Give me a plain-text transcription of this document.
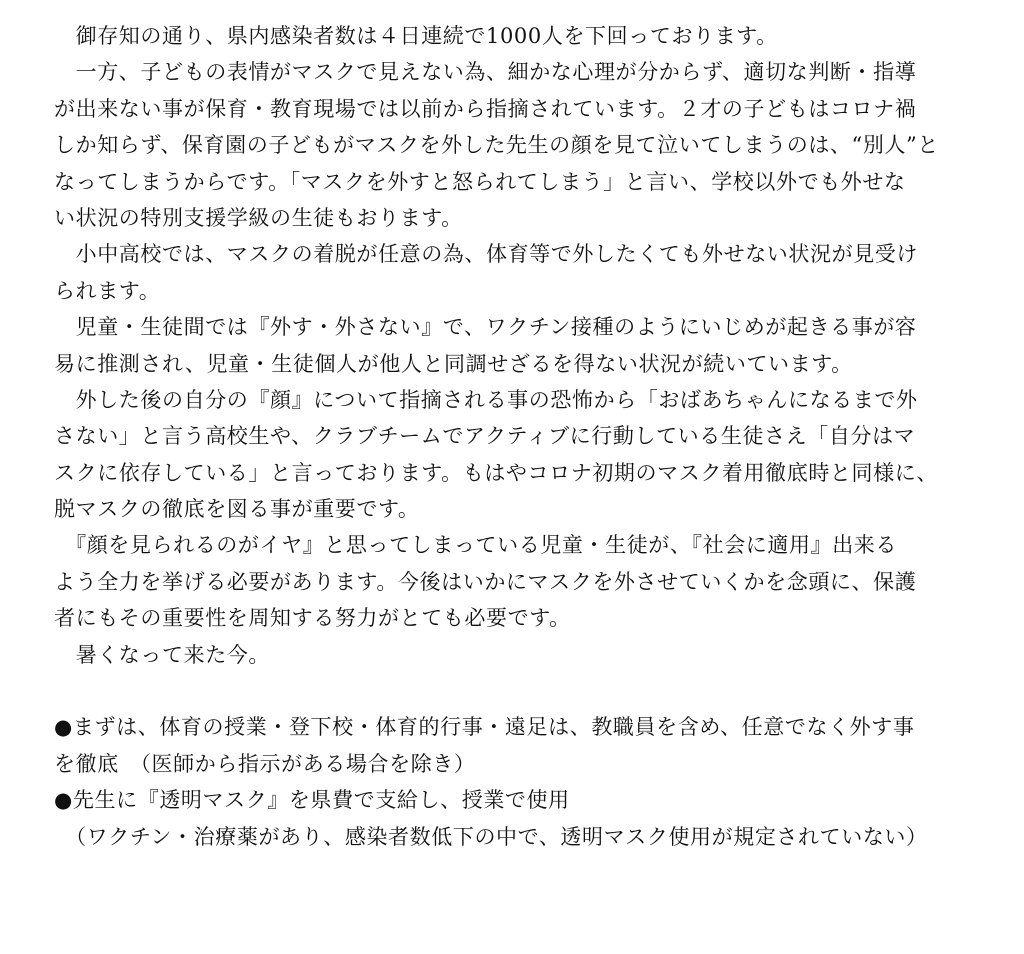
　御存知の通り、県内感染者数は４日連続で1000人を下回っております。
　一方、子どもの表情がマスクで見えない為、細かな心理が分からず、適切な判断・指導
が出来ない事が保育・教育現場では以前から指摘されています。２才の子どもはコロナ禍
しか知らず、保育園の子どもがマスクを外した先生の顔を見て泣いてしまうのは、“別人”と
なってしまうからです。「マスクを外すと怒られてしまう」と言い、学校以外でも外せな
い状況の特別支援学級の生徒もおります。
　小中高校では、マスクの着脱が任意の為、体育等で外したくても外せない状況が見受け
られます。
　児童・生徒間では『外す・外さない』で、ワクチン接種のようにいじめが起きる事が容
易に推測され、児童・生徒個人が他人と同調せざるを得ない状況が続いています。
　外した後の自分の『顔』について指摘される事の恐怖から「おばあちゃんになるまで外
さない」と言う高校生や、クラブチームでアクティブに行動している生徒さえ「自分はマ
スクに依存している」と言っております。もはやコロナ初期のマスク着用徹底時と同様に、
脱マスクの徹底を図る事が重要です。
　『顔を見られるのがイヤ』と思ってしまっている児童・生徒が、『社会に適用』出来る
よう全力を挙げる必要があります。今後はいかにマスクを外させていくかを念頭に、保護
者にもその重要性を周知する努力がとても必要です。
　暑くなって来た今。
●まずは、体育の授業・登下校・体育的行事・遠足は、教職員を含め、任意でなく外す事
を徹底　（医師から指示がある場合を除き）
●先生に『透明マスク』を県費で支給し、授業で使用
　（ワクチン・治療薬があり、感染者数低下の中で、透明マスク使用が規定されていない）
